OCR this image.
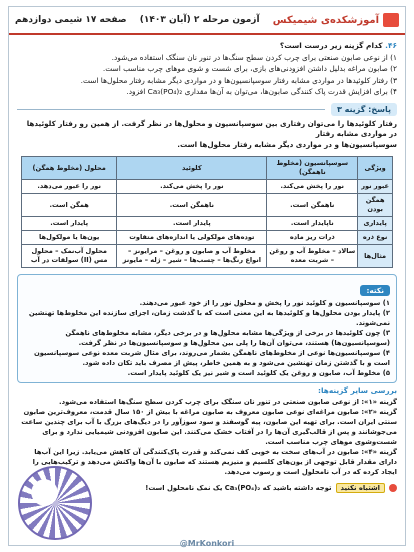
آموزشکده‌ی شیمیکس
آزمون مرحله ۲ (آبان ۱۴۰۳)
صفحه ۱۷ شیمی دوازدهم
۴۶. کدام گزینه زیر درست است؟
۱) از نوعی صابون صنعتی برای چرب کردن سطح سنگ‌ها در تنور نان سنگک استفاده می‌شود.
۲) صابون مراغه بدلیل داشتن افزودنی‌های بازی، برای شست و شوی موهای چرب مناسب است.
۳) رفتار کلوئیدها در مواردی مشابه رفتار سوسپانسیون‌ها و در مواردی دیگر مشابه رفتار محلول‌ها است.
۴) برای افزایش قدرت پاک کنندگی صابون‌ها، می‌توان به آن‌ها مقداری Ca₃(PO₄)₂ افزود.
پاسخ: گزینه ۳
رفتار کلوئیدها را می‌توان رفتاری بین سوسپانسیون و محلول‌ها در نظر گرفت. از همین رو رفتار کلوئیدها در مواردی مشابه رفتار
سوسپانسیون‌ها و در مواردی دیگر مشابه رفتار محلول‌ها است.
ویژگی	سوسپانسیون (مخلوط ناهمگن)	کلوئید	محلول (مخلوط همگن)
عبور نور	نور را پخش می‌کند.	نور را پخش می‌کند.	نور را عبور می‌دهد.
همگن بودن	ناهمگن است.	ناهمگن است.	همگن است.
پایداری	ناپایدار است.	پایدار است.	پایدار است.
نوع ذره	ذرات ریز ماده	توده‌های مولکولی یا اندازه‌های متفاوت	یون‌ها یا مولکول‌ها
مثال‌ها	سالاد – مخلوط آب و روغن – شربت معده	مخلوط آب و صابون و روغن – مرایونز – انواع رنگ‌ها – چسب‌ها – شیر – ژله – مایونز	محلول آب‌نمک – محلول مس (II) سولفات در آب
نکته:
۱) سوسپانسیون و کلوئید نور را پخش و محلول نور را از خود عبور می‌دهند.
۲) پایدار بودن محلول‌ها و کلوئیدها به این معنی است که با گذشت زمان، اجزای سازنده این مخلوط‌ها تهنشین نمی‌شوند.
۳) چون کلوئیدها در برخی از ویژگی‌ها مشابه محلول‌ها و در برخی دیگر، مشابه مخلوط‌های ناهمگن (سوسپانسیون‌ها) هستند، می‌توان آن‌ها را پلی بین محلول‌ها و سوسپانسیون‌ها در نظر گرفت.
۴) سوسپانسیون‌ها نوعی از مخلوط‌های ناهمگن بشمار می‌روند، برای مثال شربت معده نوعی سوسپانسیون است و با گذشتن زمان تهنشین می‌شود و به همین خاطر، پیش از مصرف باید تکان داده شود.
۵) مخلوط آب، صابون و روغن یک کلوئید است و شیر نیز یک کلوئید پایدار است.
بررسی سایر گزینه‌ها:
گزینه «۱»: از نوعی صابون صنعتی در تنور نان سنگک برای چرب کردن سطح سنگ‌ها استفاده می‌شود.
گزینه «۲»: صابون مراغه‌ای نوعی صابون معروف به صابون مراغه با بیش از ۱۵۰ سال قدمت، معروف‌ترین صابون سنتی ایران است. برای تهیه این صابون، پیه گوسفند و سود سوزآور را در دیگ‌های بزرگ با آب برای چندین ساعت می‌جوشانند و پس از قالب‌گیری آن‌ها را در آفتاب خشک می‌کنند. این صابون افزودنی شیمیایی ندارد و برای شست‌وشوی موهای چرب مناسب است.
گزینه «۴»: صابون در آب‌های سخت به خوبی کف نمی‌کند و قدرت پاک‌کنندگی آن کاهش می‌یابد. زیرا این آب‌ها دارای مقدار قابل توجهی از یون‌های کلسیم و منیزیم هستند که صابون با آن‌ها واکنش می‌دهد و ترکیب‌هایی را ایجاد کرده که در آب نامحلول است و رسوب می‌دهد.
اشتباه نکنید
توجه داشته باشید که Ca₃(PO₄)₂ یک نمک نامحلول است!
@MrKonkori
